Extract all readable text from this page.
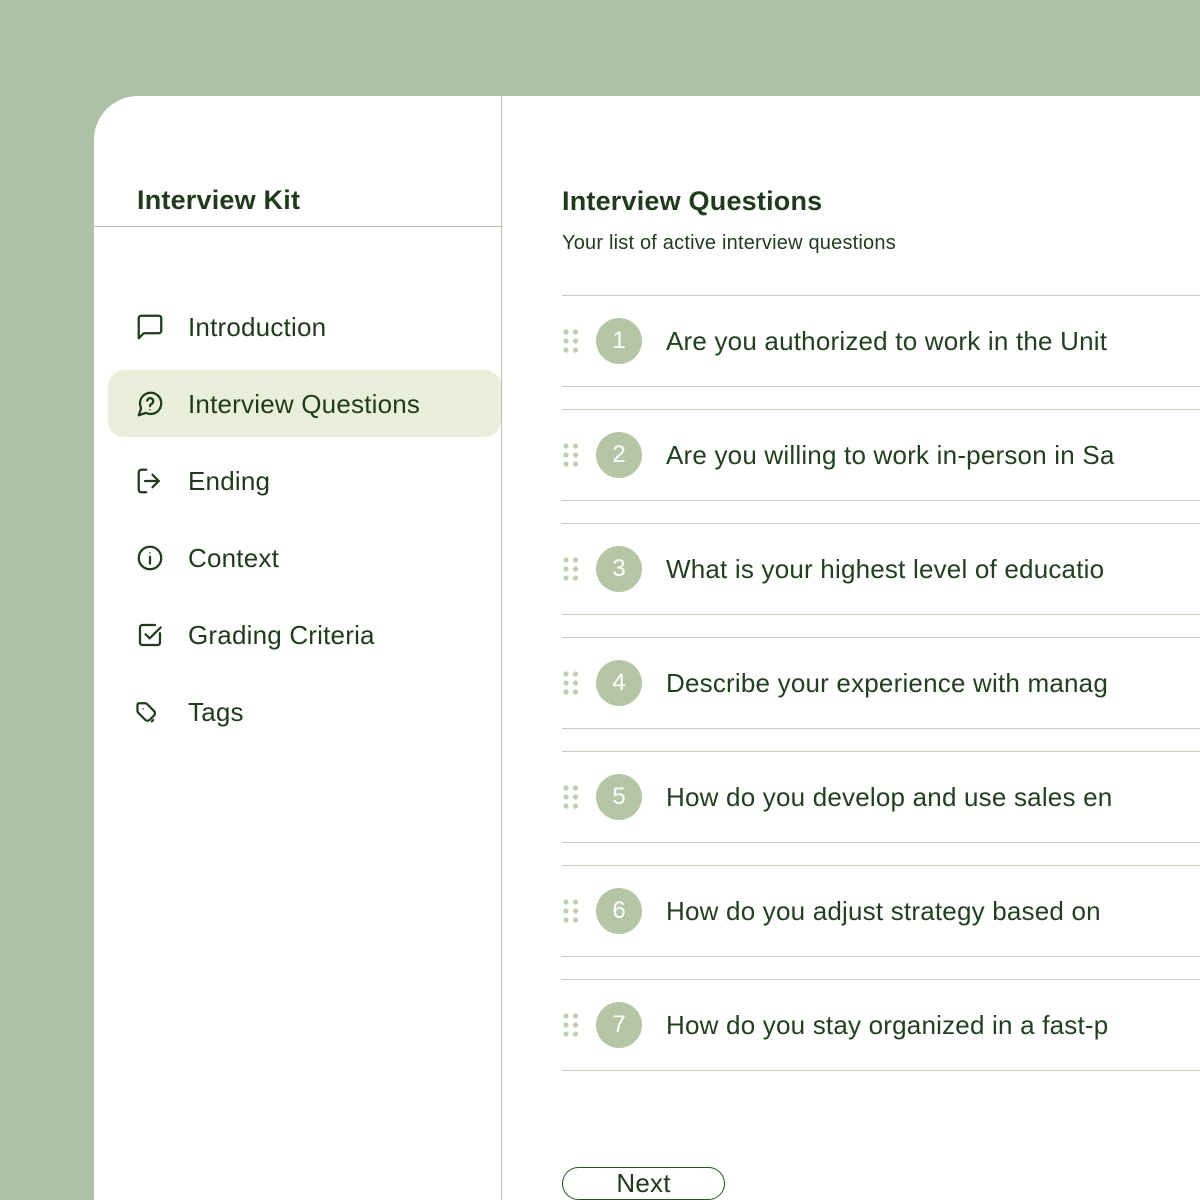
Interview Kit
Introduction
Interview Questions
Ending
Context
Grading Criteria
Tags
Interview Questions

Your list of active interview questions

1	Are you authorized to work in the Unit
2	Are you willing to work in-person in Sa
3	What is your highest level of educatio
4	Describe your experience with manag
5	How do you develop and use sales en
6	How do you adjust strategy based on
7	How do you stay organized in a fast-p
Next
